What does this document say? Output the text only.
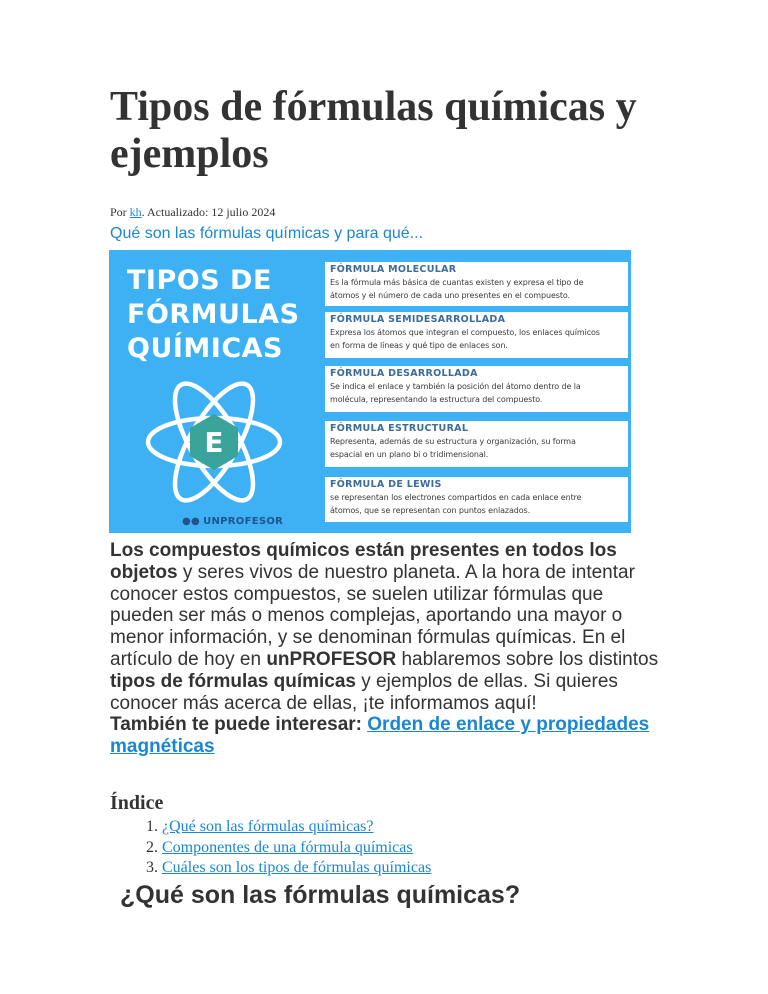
Tipos de fórmulas químicas y ejemplos

Por kh. Actualizado: 12 julio 2024

Qué son las fórmulas químicas y para qué...

TIPOS DE
FÓRMULAS
QUÍMICAS
E
●● UNPROFESOR
FÓRMULA MOLECULAR
Es la fórmula más básica de cuantas existen y expresa el tipo de
átomos y el número de cada uno presentes en el compuesto.
FÓRMULA SEMIDESARROLLADA
Expresa los átomos que integran el compuesto, los enlaces químicos
en forma de líneas y qué tipo de enlaces son.
FÓRMULA DESARROLLADA
Se indica el enlace y también la posición del átomo dentro de la
molécula, representando la estructura del compuesto.
FÓRMULA ESTRUCTURAL
Representa, además de su estructura y organización, su forma
espacial en un plano bi o tridimensional.
FÓRMULA DE LEWIS
se representan los electrones compartidos en cada enlace entre
átomos, que se representan con puntos enlazados.

Los compuestos químicos están presentes en todos los objetos y seres vivos de nuestro planeta. A la hora de intentar conocer estos compuestos, se suelen utilizar fórmulas que pueden ser más o menos complejas, aportando una mayor o menor información, y se denominan fórmulas químicas. En el artículo de hoy en unPROFESOR hablaremos sobre los distintos tipos de fórmulas químicas y ejemplos de ellas. Si quieres conocer más acerca de ellas, ¡te informamos aquí!
También te puede interesar: Orden de enlace y propiedades magnéticas

Índice
1. ¿Qué son las fórmulas químicas?
2. Componentes de una fórmula químicas
3. Cuáles son los tipos de fórmulas químicas
¿Qué son las fórmulas químicas?
